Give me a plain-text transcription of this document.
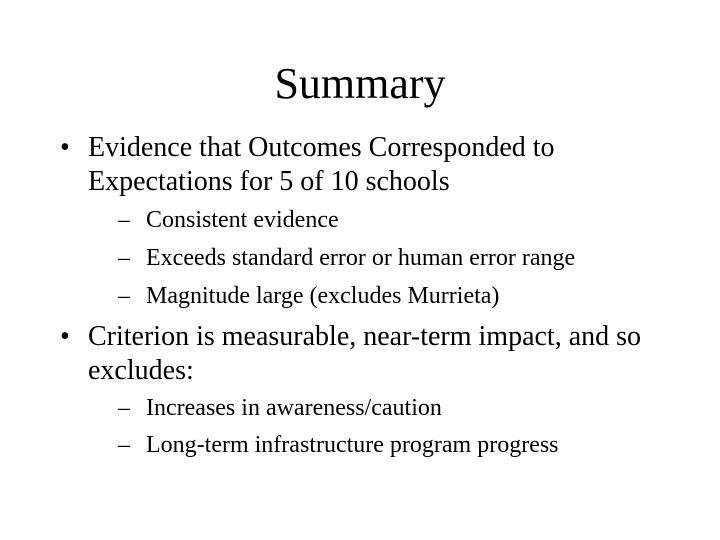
Summary
• Evidence that Outcomes Corresponded to Expectations for 5 of 10 schools
– Consistent evidence
– Exceeds standard error or human error range
– Magnitude large (excludes Murrieta)
• Criterion is measurable, near-term impact, and so excludes:
– Increases in awareness/caution
– Long-term infrastructure program progress
